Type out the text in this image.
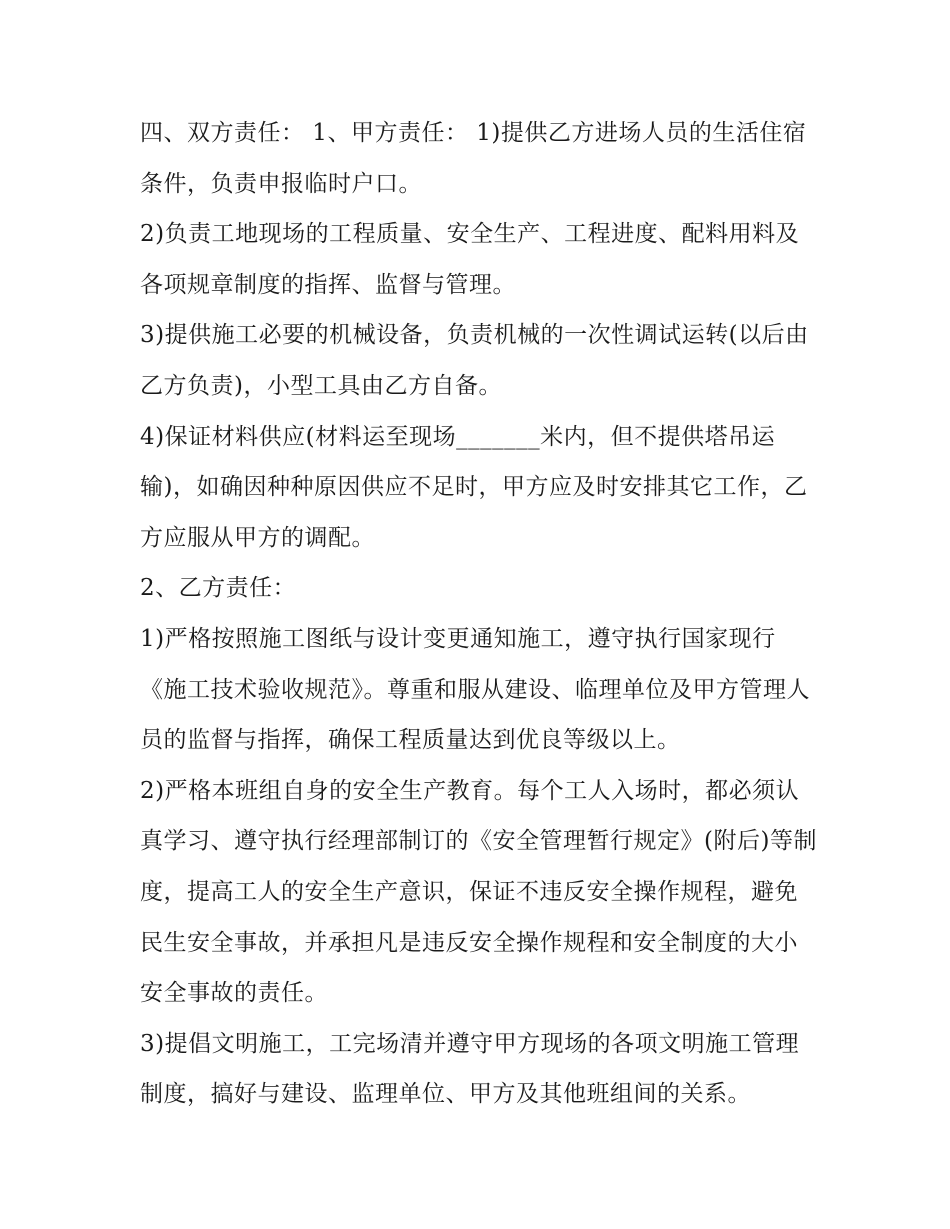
四、双方责任： 1、甲方责任： 1)提供乙方进场人员的生活住宿条件，负责申报临时户口。

2)负责工地现场的工程质量、安全生产、工程进度、配料用料及各项规章制度的指挥、监督与管理。

3)提供施工必要的机械设备，负责机械的一次性调试运转(以后由乙方负责)，小型工具由乙方自备。

4)保证材料供应(材料运至现场_______米内，但不提供塔吊运输)，如确因种种原因供应不足时，甲方应及时安排其它工作，乙方应服从甲方的调配。

2、乙方责任：

1)严格按照施工图纸与设计变更通知施工，遵守执行国家现行《施工技术验收规范》。尊重和服从建设、临理单位及甲方管理人员的监督与指挥，确保工程质量达到优良等级以上。

2)严格本班组自身的安全生产教育。每个工人入场时，都必须认真学习、遵守执行经理部制订的《安全管理暂行规定》(附后)等制度，提高工人的安全生产意识，保证不违反安全操作规程，避免民生安全事故，并承担凡是违反安全操作规程和安全制度的大小安全事故的责任。

3)提倡文明施工，工完场清并遵守甲方现场的各项文明施工管理制度，搞好与建设、监理单位、甲方及其他班组间的关系。
